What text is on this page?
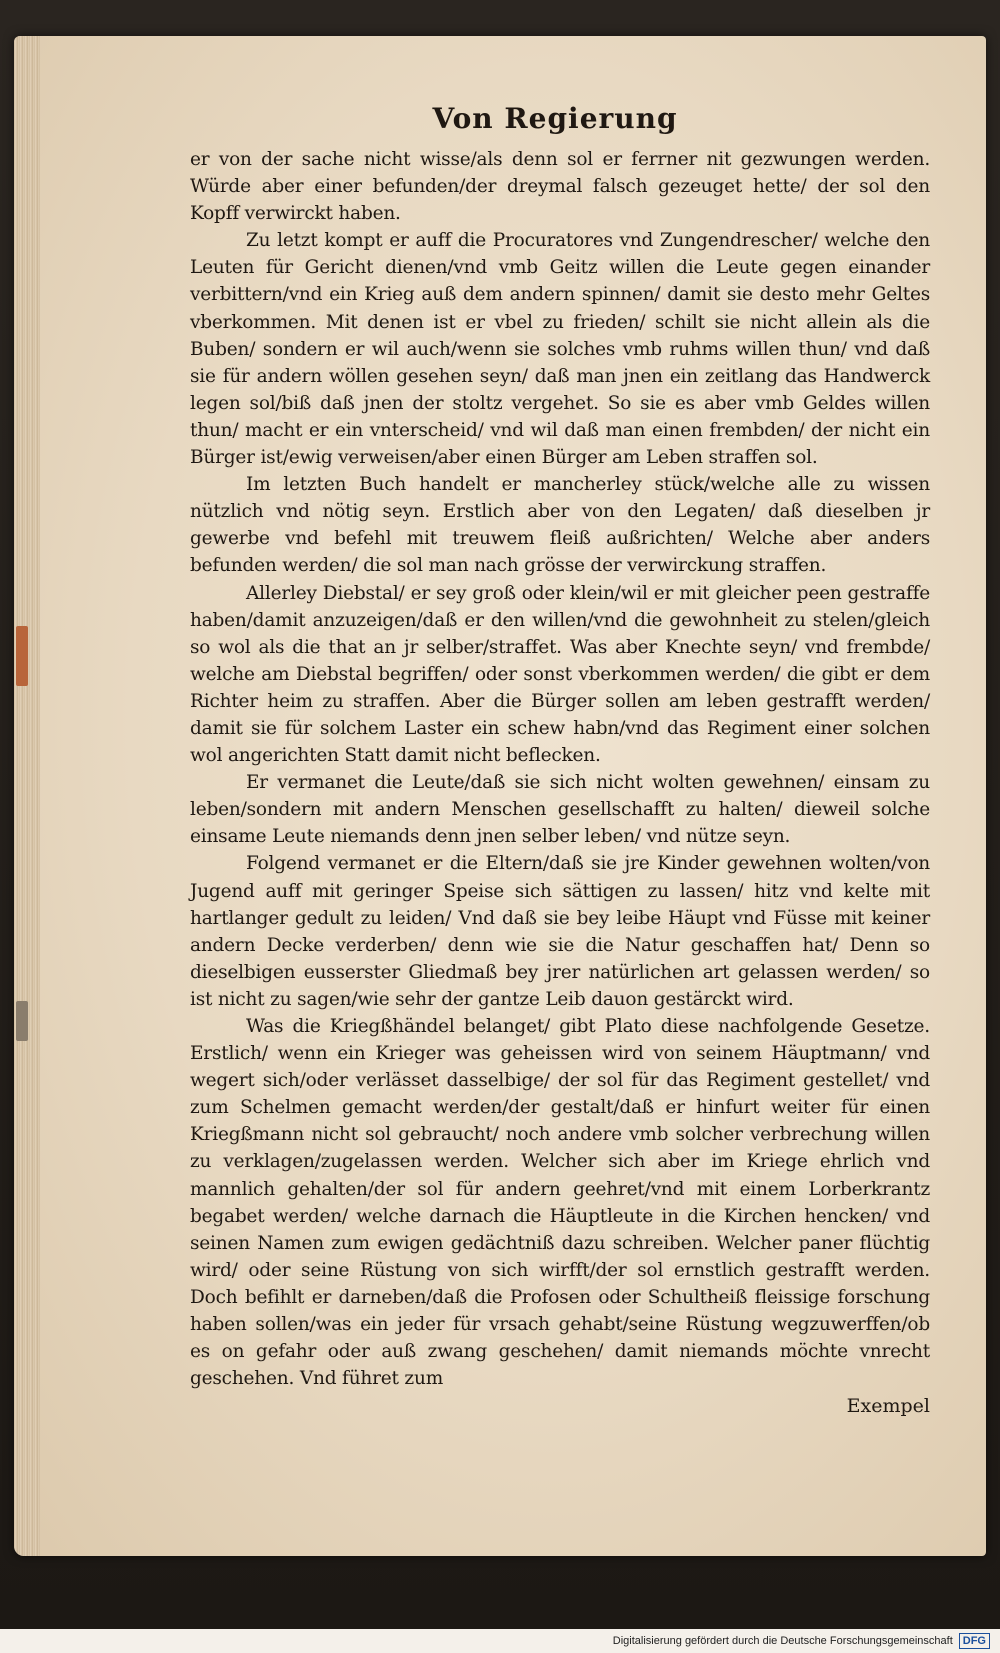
Von Regierung

er von der sache nicht wisse/als denn sol er ferrner nit gezwungen werden. Würde aber einer befunden/der dreymal falsch gezeuget hette/ der sol den Kopff verwirckt haben.

Zu letzt kompt er auff die Procuratores vnd Zungendrescher/ welche den Leuten für Gericht dienen/vnd vmb Geitz willen die Leute gegen einander verbittern/vnd ein Krieg auß dem andern spinnen/ damit sie desto mehr Geltes vberkommen. Mit denen ist er vbel zu frieden/ schilt sie nicht allein als die Buben/ sondern er wil auch/wenn sie solches vmb ruhms willen thun/ vnd daß sie für andern wöllen gesehen seyn/ daß man jnen ein zeitlang das Handwerck legen sol/biß daß jnen der stoltz vergehet. So sie es aber vmb Geldes willen thun/ macht er ein vnterscheid/ vnd wil daß man einen frembden/ der nicht ein Bürger ist/ewig verweisen/aber einen Bürger am Leben straffen sol.

Im letzten Buch handelt er mancherley stück/welche alle zu wissen nützlich vnd nötig seyn. Erstlich aber von den Legaten/ daß dieselben jr gewerbe vnd befehl mit treuwem fleiß außrichten/ Welche aber anders befunden werden/ die sol man nach grösse der verwirckung straffen.

Allerley Diebstal/ er sey groß oder klein/wil er mit gleicher peen gestraffe haben/damit anzuzeigen/daß er den willen/vnd die gewohnheit zu stelen/gleich so wol als die that an jr selber/straffet. Was aber Knechte seyn/ vnd frembde/ welche am Diebstal begriffen/ oder sonst vberkommen werden/ die gibt er dem Richter heim zu straffen. Aber die Bürger sollen am leben gestrafft werden/ damit sie für solchem Laster ein schew habn/vnd das Regiment einer solchen wol angerichten Statt damit nicht beflecken.

Er vermanet die Leute/daß sie sich nicht wolten gewehnen/ einsam zu leben/sondern mit andern Menschen gesellschafft zu halten/ dieweil solche einsame Leute niemands denn jnen selber leben/ vnd nütze seyn.

Folgend vermanet er die Eltern/daß sie jre Kinder gewehnen wolten/von Jugend auff mit geringer Speise sich sättigen zu lassen/ hitz vnd kelte mit hartlanger gedult zu leiden/ Vnd daß sie bey leibe Häupt vnd Füsse mit keiner andern Decke verderben/ denn wie sie die Natur geschaffen hat/ Denn so dieselbigen eusserster Gliedmaß bey jrer natürlichen art gelassen werden/ so ist nicht zu sagen/wie sehr der gantze Leib dauon gestärckt wird.

Was die Kriegßhändel belanget/ gibt Plato diese nachfolgende Gesetze. Erstlich/ wenn ein Krieger was geheissen wird von seinem Häuptmann/ vnd wegert sich/oder verlässet dasselbige/ der sol für das Regiment gestellet/ vnd zum Schelmen gemacht werden/der gestalt/daß er hinfurt weiter für einen Kriegßmann nicht sol gebraucht/ noch andere vmb solcher verbrechung willen zu verklagen/zugelassen werden. Welcher sich aber im Kriege ehrlich vnd mannlich gehalten/der sol für andern geehret/vnd mit einem Lorberkrantz begabet werden/ welche darnach die Häuptleute in die Kirchen hencken/ vnd seinen Namen zum ewigen gedächtniß dazu schreiben. Welcher paner flüchtig wird/ oder seine Rüstung von sich wirfft/der sol ernstlich gestrafft werden. Doch befihlt er darneben/daß die Profosen oder Schultheiß fleissige forschung haben sollen/was ein jeder für vrsach gehabt/seine Rüstung wegzuwerffen/ob es on gefahr oder auß zwang geschehen/ damit niemands möchte vnrecht geschehen. Vnd führet zum

Exempel
Digitalisierung gefördert durch die Deutsche Forschungsgemeinschaft DFG
